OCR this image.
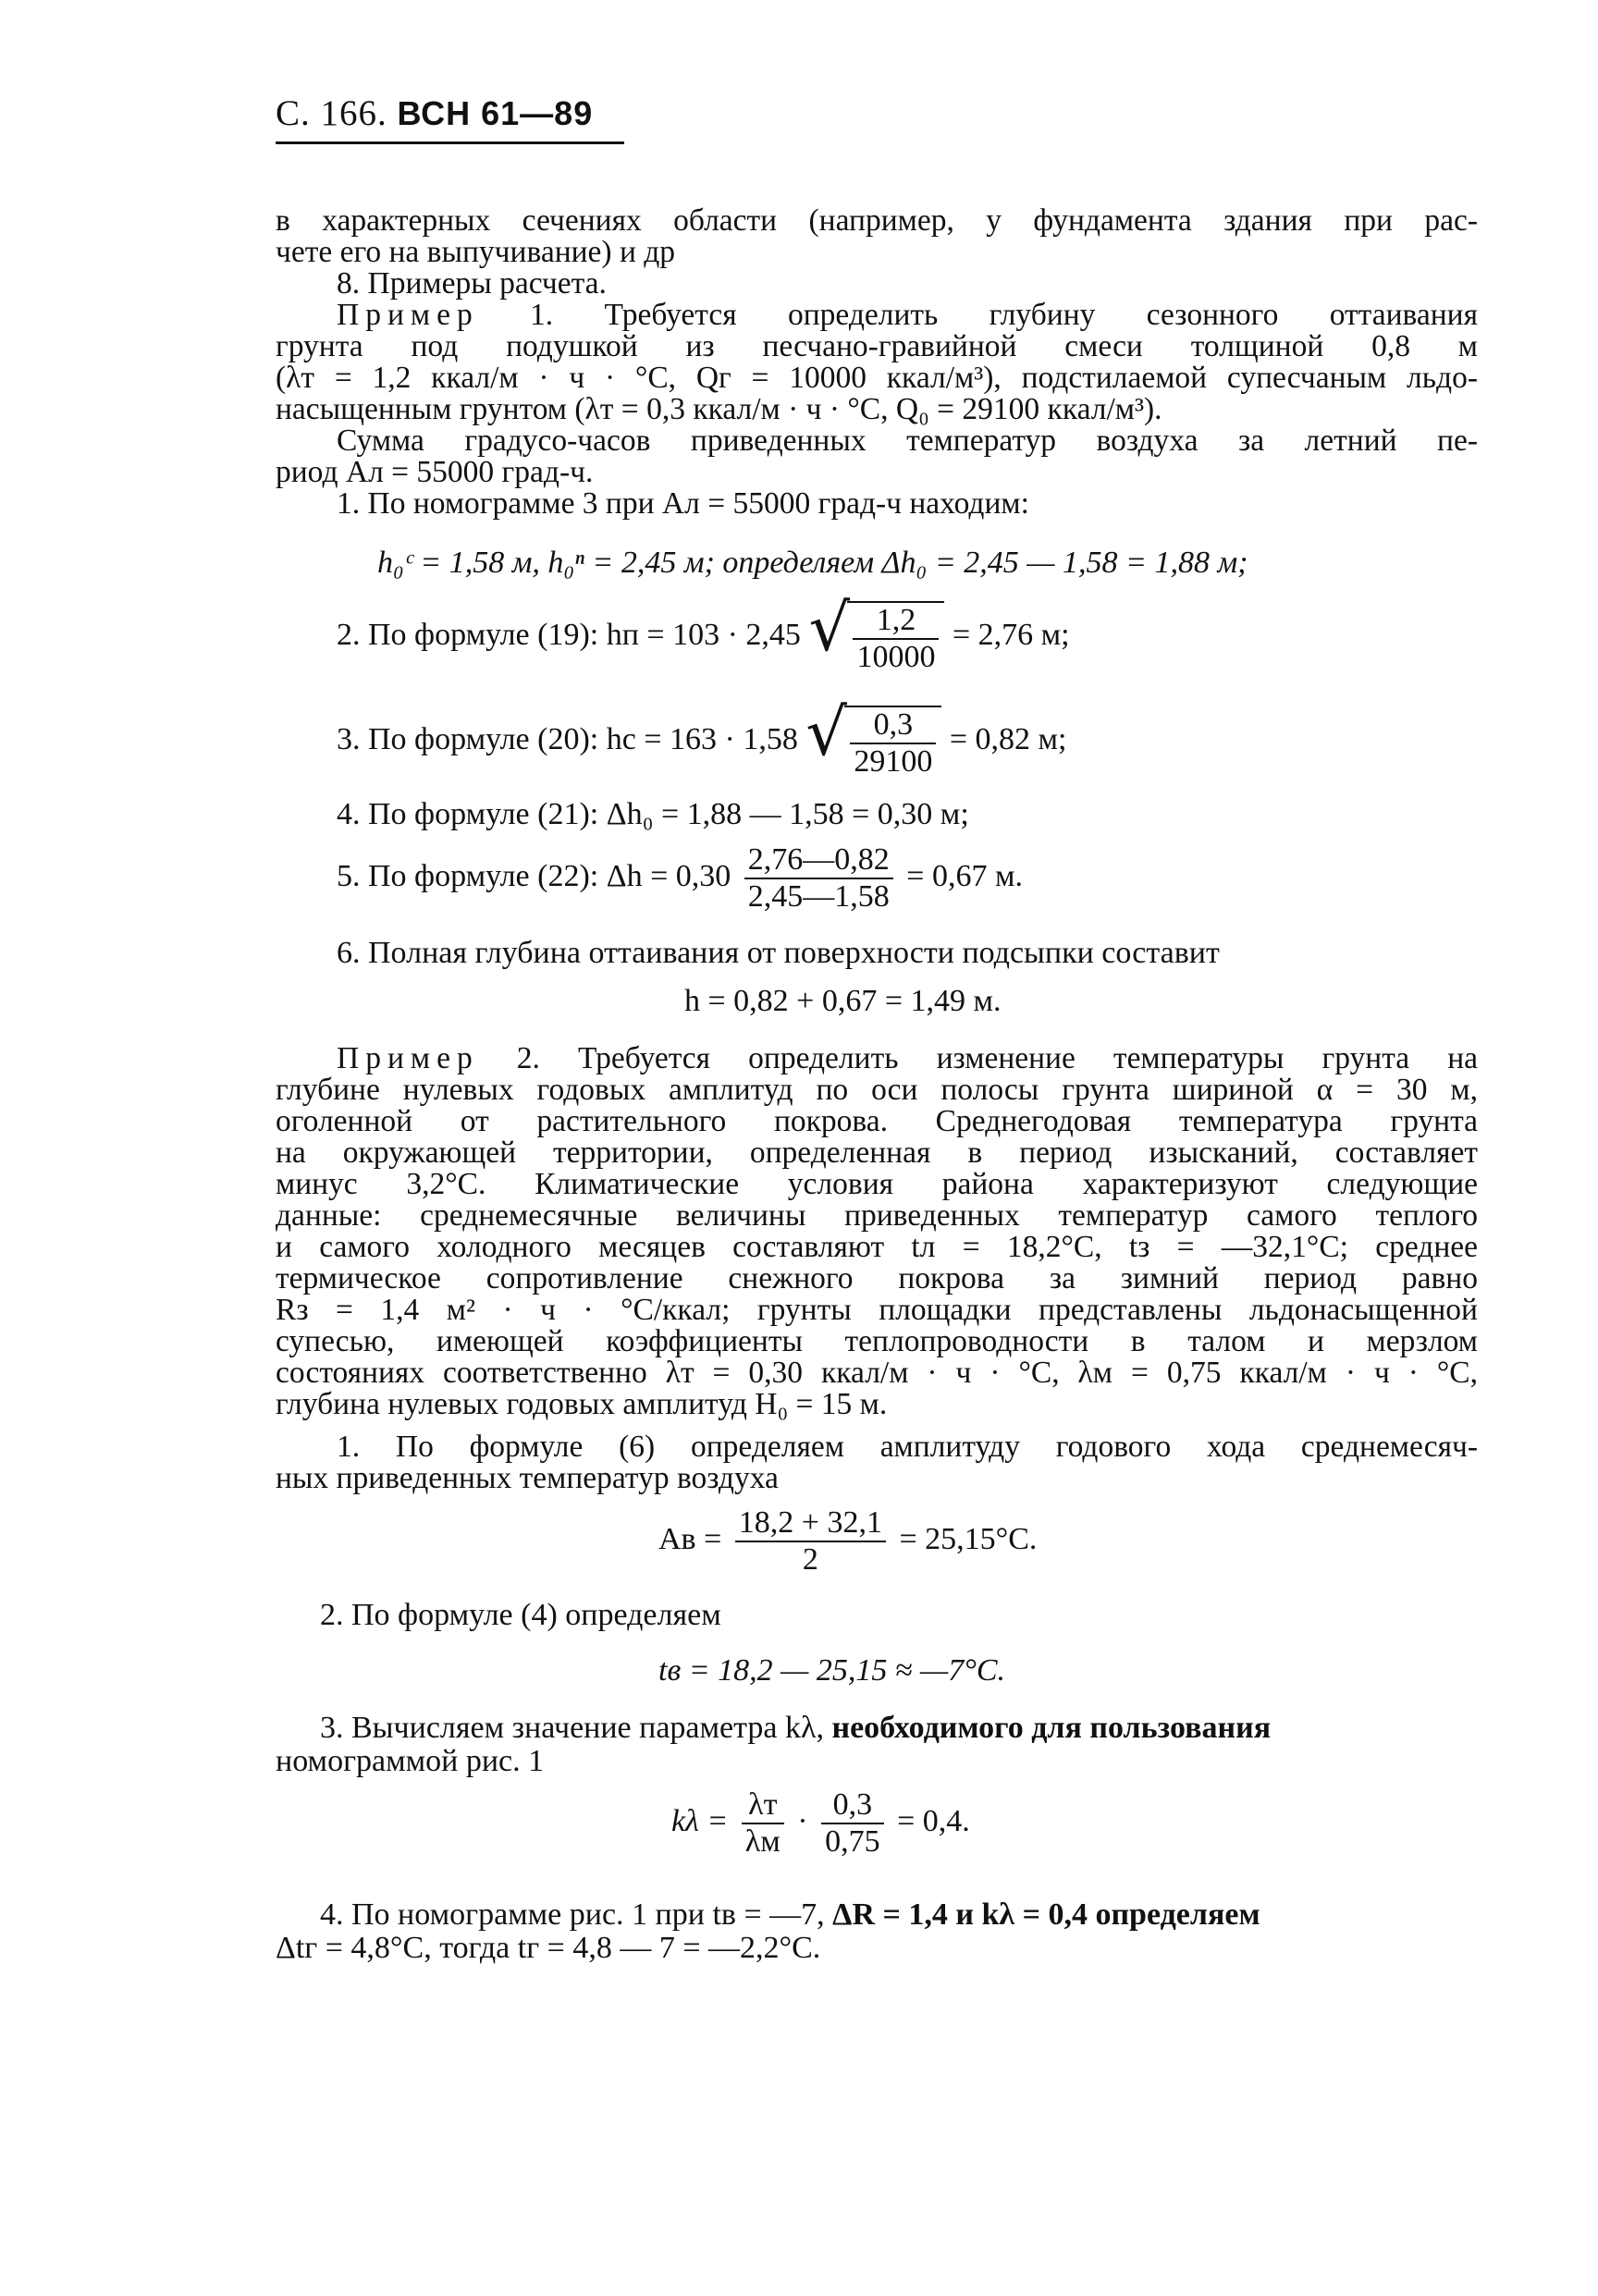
С. 166. ВСН 61—89
в характерных сечениях области (например, у фундамента здания при рас-
чете его на выпучивание) и др
8. Примеры расчета.
Пример 1. Требуется определить глубину сезонного оттаивания
грунта под подушкой из песчано-гравийной смеси толщиной 0,8 м
(λт = 1,2 ккал/м · ч · °С, Qг = 10000 ккал/м³), подстилаемой супесчаным льдо-
насыщенным грунтом (λт = 0,3 ккал/м · ч · °С, Q₀ = 29100 ккал/м³).
Сумма градусо-часов приведенных температур воздуха за летний пе-
риод Ал = 55000 град-ч.
1. По номограмме 3 при Ал = 55000 град-ч находим:
h₀ᶜ = 1,58 м, h₀ⁿ = 2,45 м; определяем Δh₀ = 2,45 — 1,58 = 1,88 м;
2. По формуле (19): hп = 103 · 2,45 √ $\frac{1,2}{10000} = 2,76$ м;
3. По формуле (20): hс = 163 · 1,58 √ $\frac{0,3}{29100} = 0,82$ м;
4. По формуле (21): Δh₀ = 1,88 — 1,58 = 0,30 м;
5. По формуле (22): $\Delta h = 0,30 \frac{2,76—0,82}{2,45—1,58} = 0,67$ м.
6. Полная глубина оттаивания от поверхности подсыпки составит
h = 0,82 + 0,67 = 1,49 м.
Пример 2. Требуется определить изменение температуры грунта на
глубине нулевых годовых амплитуд по оси полосы грунта шириной α = 30 м,
оголенной от растительного покрова. Среднегодовая температура грунта
на окружающей территории, определенная в период изысканий, составляет
минус 3,2°С. Климатические условия района характеризуют следующие
данные: среднемесячные величины приведенных температур самого теплого
и самого холодного месяцев составляют tл = 18,2°С, tз = —32,1°С; среднее
термическое сопротивление снежного покрова за зимний период равно
Rз = 1,4 м² · ч · °С/ккал; грунты площадки представлены льдонасыщенной
супесью, имеющей коэффициенты теплопроводности в талом и мерзлом
состояниях соответственно λт = 0,30 ккал/м · ч · °С, λм = 0,75 ккал/м · ч · °С,
глубина нулевых годовых амплитуд H₀ = 15 м.
1. По формуле (6) определяем амплитуду годового хода среднемесяч-
ных приведенных температур воздуха
Ав = $\frac{18,2 + 32,1}{2} = 25,15^\circ С$.
2. По формуле (4) определяем
tв = 18,2 — 25,15 ≈ —7°С.
3. Вычисляем значение параметра kλ, необходимого для пользования
номограммой рис. 1
$k\lambda = \frac{\lambda т}{\lambda м} \cdot \frac{0,3}{0,75} = 0,4$.
4. По номограмме рис. 1 при tв = —7, ΔR = 1,4 и kλ = 0,4 определяем
Δtг = 4,8°С, тогда tг = 4,8 — 7 = —2,2°С.
